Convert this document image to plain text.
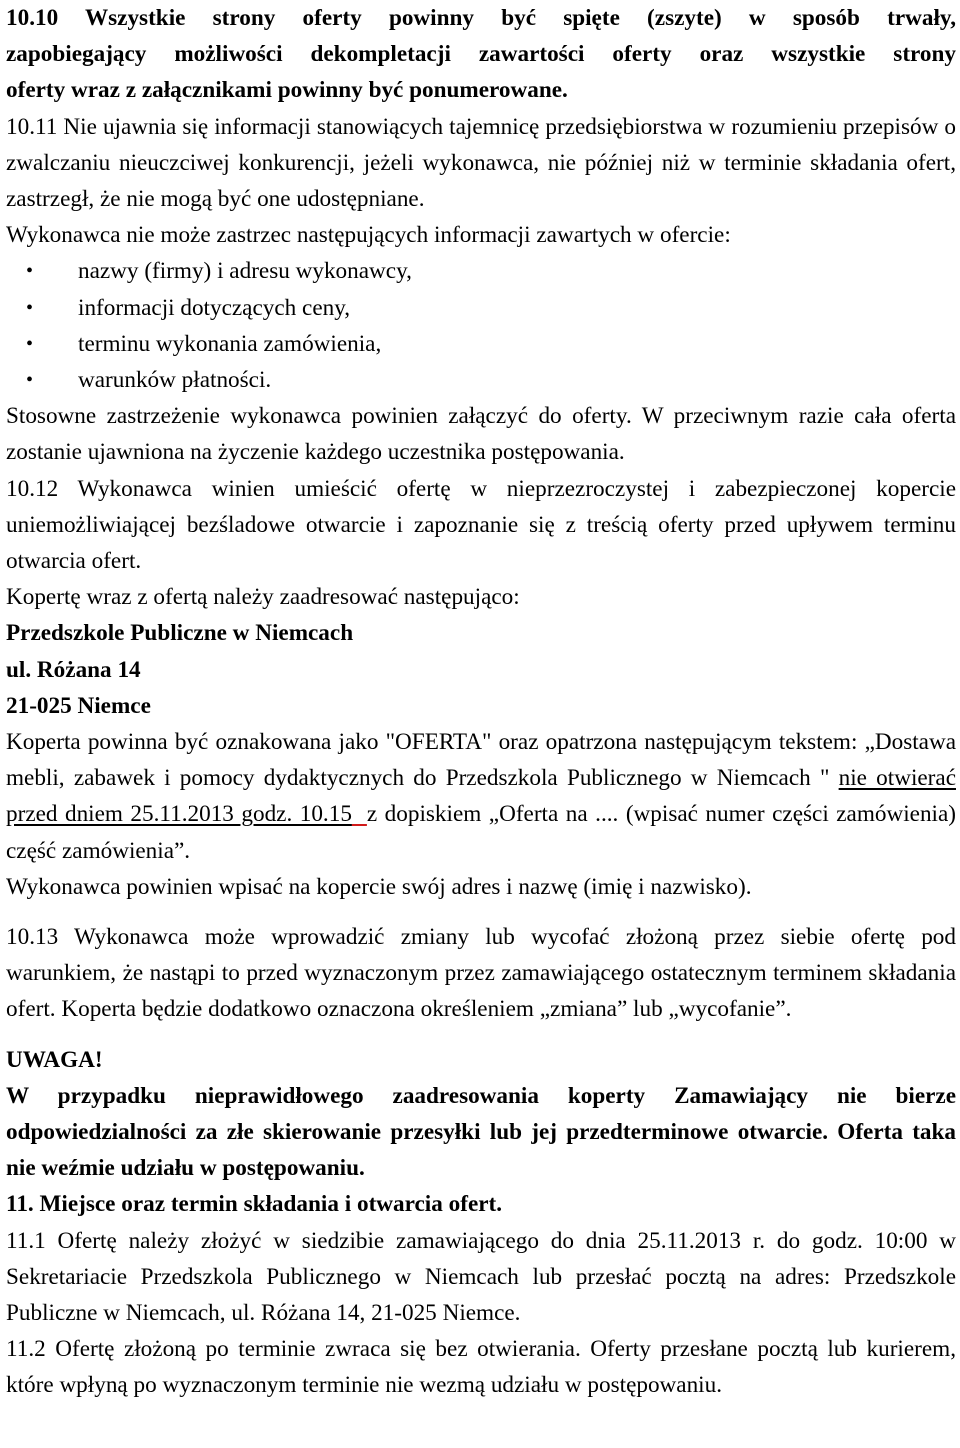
10.10 Wszystkie strony oferty powinny być spięte (zszyte) w sposób trwały,

zapobiegający możliwości dekompletacji zawartości oferty oraz wszystkie strony

oferty wraz z załącznikami powinny być ponumerowane.

10.11 Nie ujawnia się informacji stanowiących tajemnicę przedsiębiorstwa w rozumieniu przepisów o zwalczaniu nieuczciwej konkurencji, jeżeli wykonawca, nie później niż w terminie składania ofert, zastrzegł, że nie mogą być one udostępniane.

Wykonawca nie może zastrzec następujących informacji zawartych w ofercie:

• nazwy (firmy) i adresu wykonawcy,
• informacji dotyczących ceny,
• terminu wykonania zamówienia,
• warunków płatności.

Stosowne zastrzeżenie wykonawca powinien załączyć do oferty. W przeciwnym razie cała oferta zostanie ujawniona na życzenie każdego uczestnika postępowania.

10.12 Wykonawca winien umieścić ofertę w nieprzezroczystej i zabezpieczonej kopercie uniemożliwiającej bezśladowe otwarcie i zapoznanie się z treścią oferty przed upływem terminu otwarcia ofert.

Kopertę wraz z ofertą należy zaadresować następująco:

Przedszkole Publiczne w Niemcach

ul. Różana 14

21-025 Niemce

Koperta powinna być oznakowana jako "OFERTA" oraz opatrzona następującym tekstem: „Dostawa mebli, zabawek i pomocy dydaktycznych do Przedszkola Publicznego w Niemcach " nie otwierać przed dniem 25.11.2013 godz. 10.15 z dopiskiem „Oferta na .... (wpisać numer części zamówienia) część zamówienia”.

Wykonawca powinien wpisać na kopercie swój adres i nazwę (imię i nazwisko).

10.13 Wykonawca może wprowadzić zmiany lub wycofać złożoną przez siebie ofertę pod warunkiem, że nastąpi to przed wyznaczonym przez zamawiającego ostatecznym terminem składania ofert. Koperta będzie dodatkowo oznaczona określeniem „zmiana” lub „wycofanie”.

UWAGA!

W przypadku nieprawidłowego zaadresowania koperty Zamawiający nie bierze odpowiedzialności za złe skierowanie przesyłki lub jej przedterminowe otwarcie. Oferta taka nie weźmie udziału w postępowaniu.

11. Miejsce oraz termin składania i otwarcia ofert.

11.1 Ofertę należy złożyć w siedzibie zamawiającego do dnia 25.11.2013 r. do godz. 10:00 w Sekretariacie Przedszkola Publicznego w Niemcach lub przesłać pocztą na adres: Przedszkole Publiczne w Niemcach, ul. Różana 14, 21-025 Niemce.

11.2 Ofertę złożoną po terminie zwraca się bez otwierania. Oferty przesłane pocztą lub kurierem, które wpłyną po wyznaczonym terminie nie wezmą udziału w postępowaniu.
